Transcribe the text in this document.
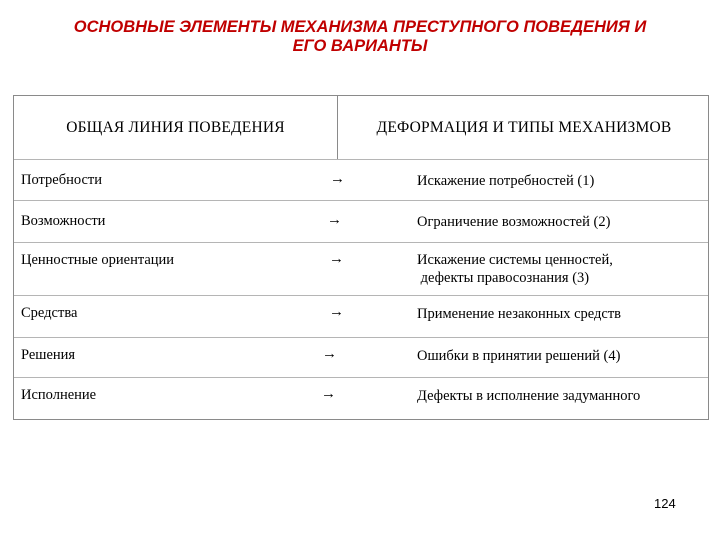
ОСНОВНЫЕ ЭЛЕМЕНТЫ МЕХАНИЗМА ПРЕСТУПНОГО ПОВЕДЕНИЯ И
ЕГО ВАРИАНТЫ
ОБЩАЯ ЛИНИЯ ПОВЕДЕНИЯ	ДЕФОРМАЦИЯ И ТИПЫ МЕХАНИЗМОВ
Потребности	→	Искажение потребностей (1)
Возможности	→	Ограничение возможностей (2)
Ценностные ориентации	→	Искажение системы ценностей,
дефекты правосознания (3)
Средства	→	Применение незаконных средств
Решения	→	Ошибки в принятии решений (4)
Исполнение	→	Дефекты в исполнение задуманного
124
